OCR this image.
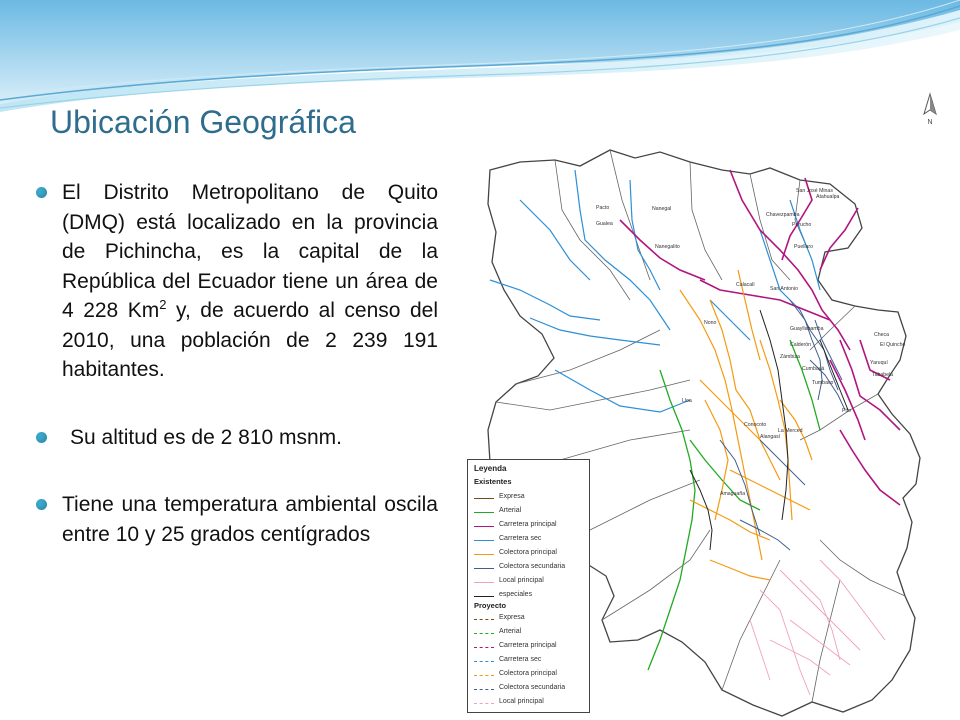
Ubicación Geográfica
El Distrito Metropolitano de Quito (DMQ) está localizado en la provincia de Pichincha, es la capital de la República del Ecuador tiene un área de 4 228 Km$^2$ y, de acuerdo al censo del 2010, una población de 2 239 191 habitantes.
Su altitud es de 2 810 msnm.
Tiene una temperatura ambiental oscila entre 10 y 25 grados centígrados
N
Pacto
Gualea
Nanegal
Nanegalito
San José Minas
Atahualpa
Chavezpamba
Perucho
Puellaro
Calacalí
San Antonio
Nono
Zámbiza
Calderón
Guayllabamba
El Quinche
Checa
Yaruquí
Tababela
Cumbayá
Tumbaco
Pifo
Conocoto
Alangasí
La Merced
Amaguaña
Lloa
Leyenda
Existentes
Expresa
Arterial
Carretera principal
Carretera sec
Colectora principal
Colectora secundaria
Local principal
especiales
Proyecto
Expresa
Arterial
Carretera principal
Carretera sec
Colectora principal
Colectora secundaria
Local principal
